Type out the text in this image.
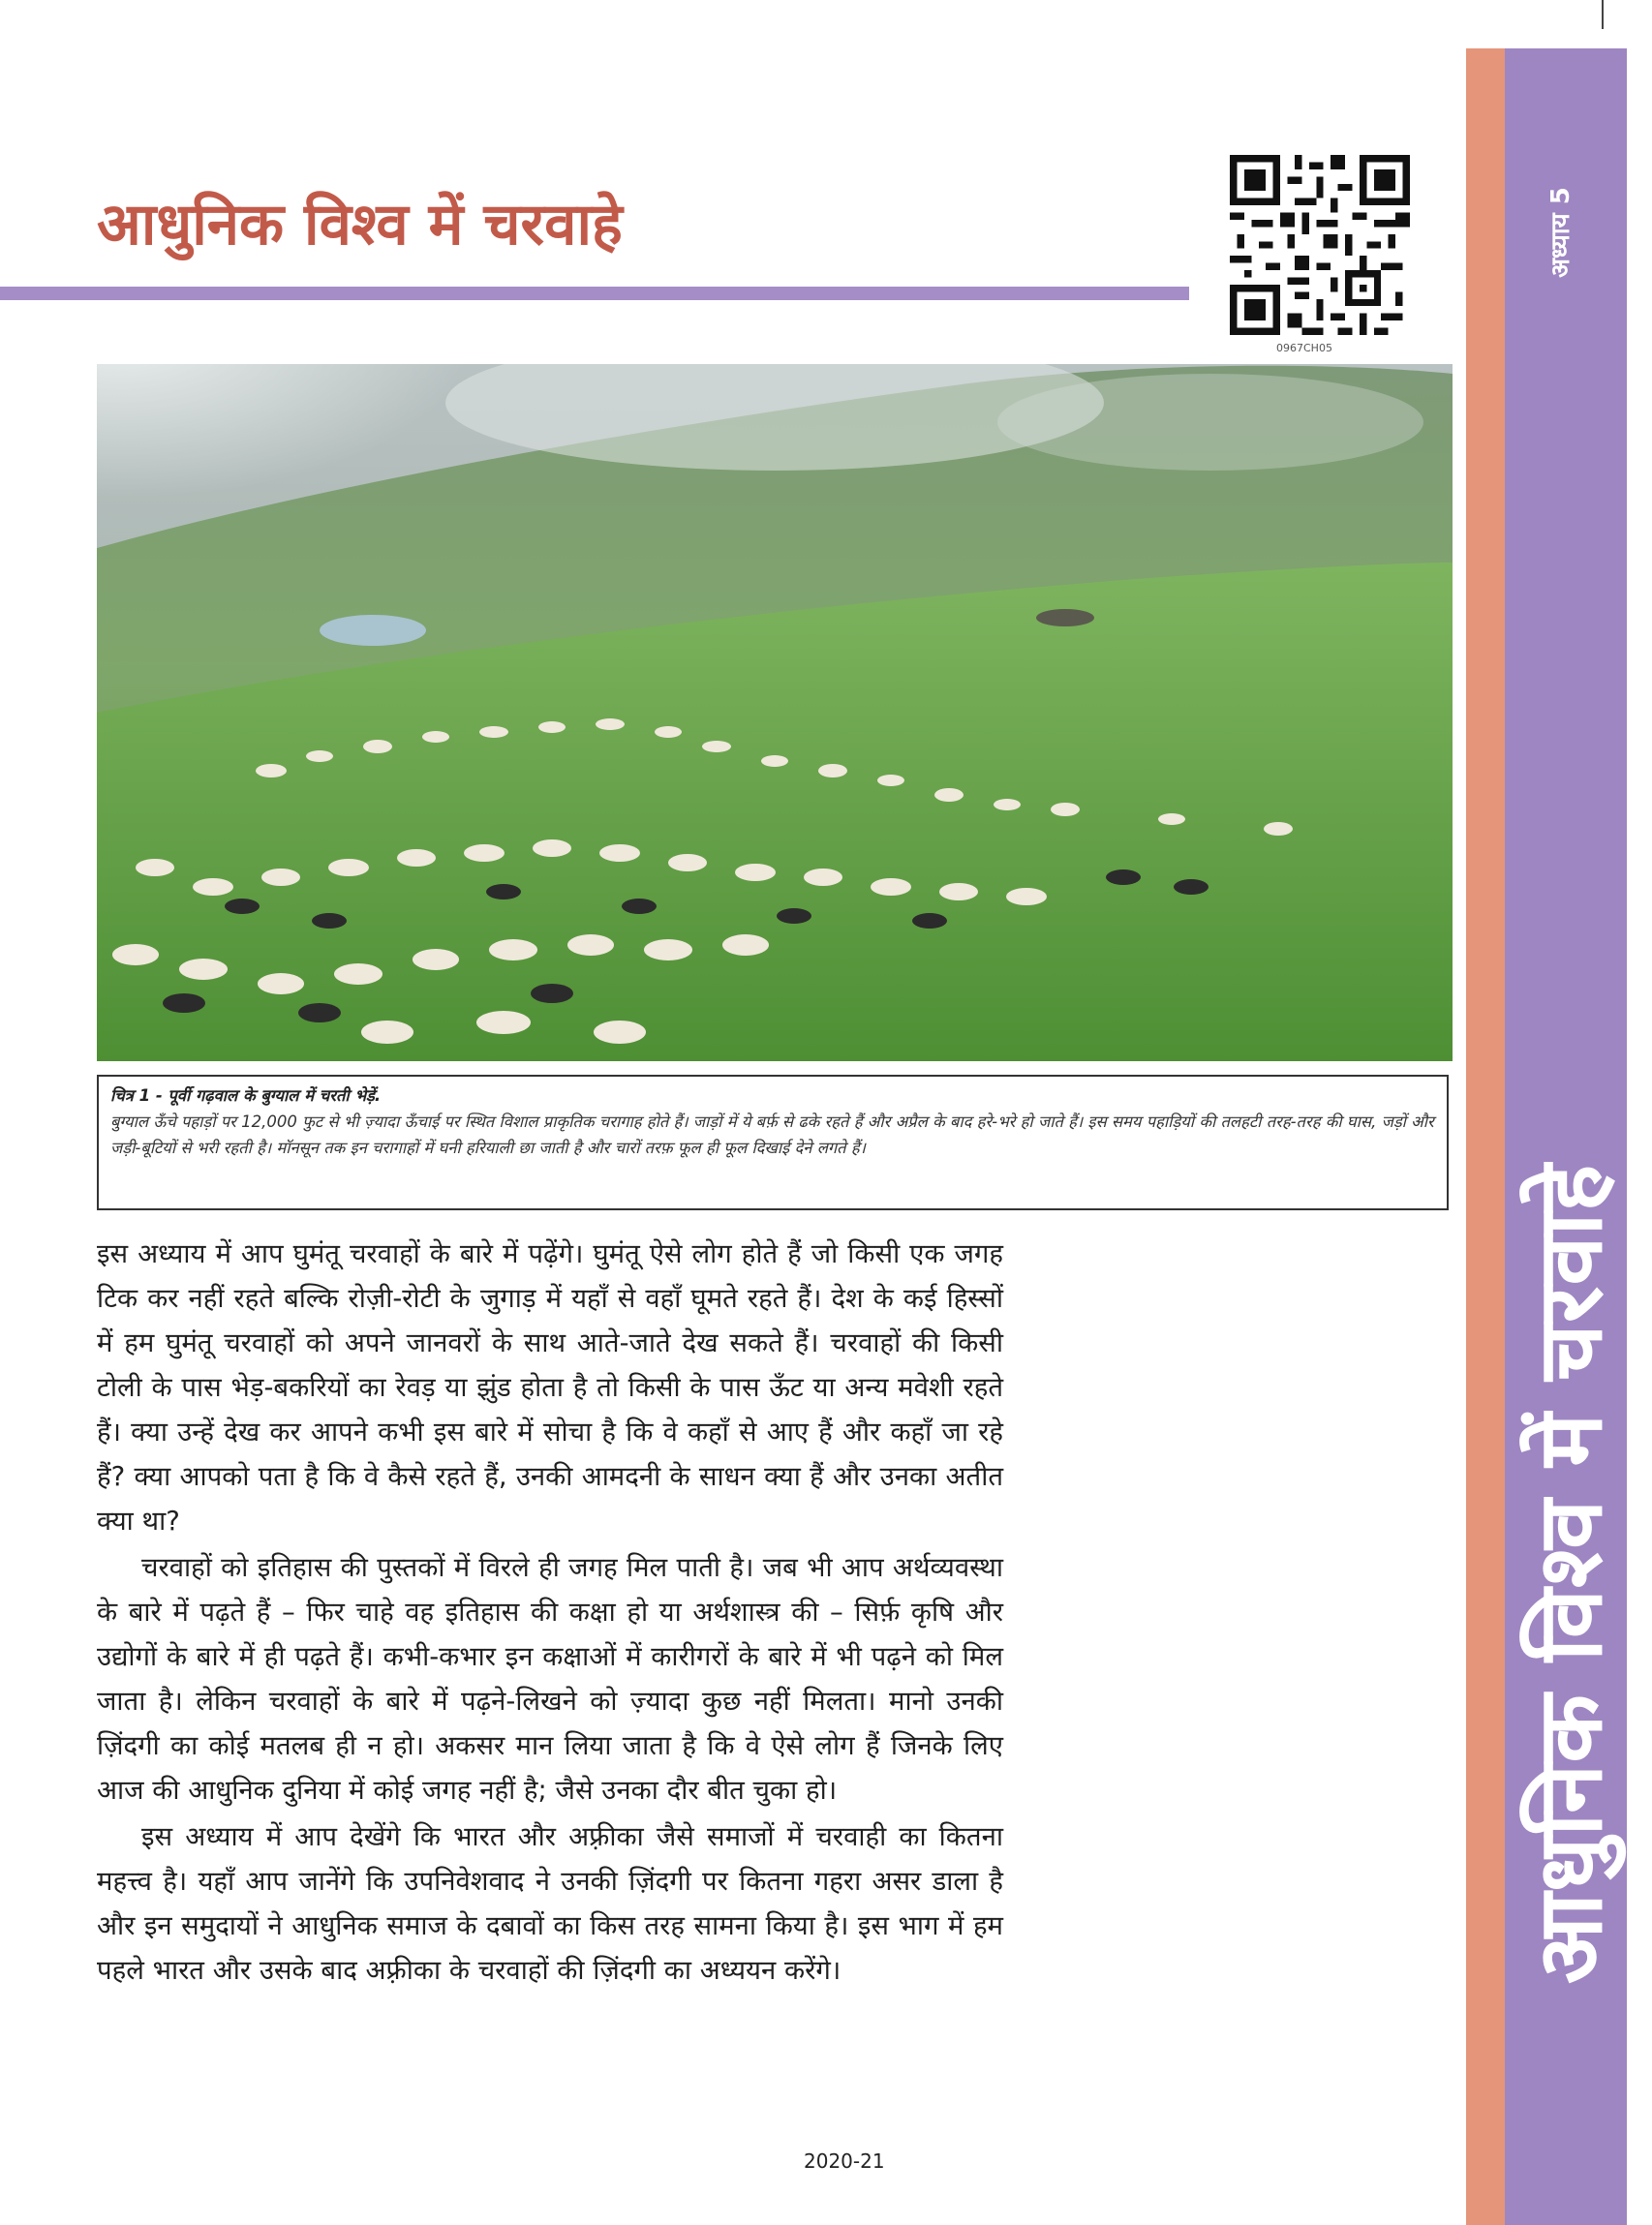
अध्याय 5
आधुनिक विश्व में चरवाहे
आधुनिक विश्व में चरवाहे
0967CH05
चित्र 1 - पूर्वी गढ़वाल के बुग्याल में चरती भेड़ें.
बुग्याल ऊँचे पहाड़ों पर 12,000 फुट से भी ज़्यादा ऊँचाई पर स्थित विशाल प्राकृतिक चरागाह होते हैं। जाड़ों में ये बर्फ़ से ढके रहते हैं और अप्रैल के बाद हरे-भरे हो जाते हैं। इस समय पहाड़ियों की तलहटी तरह-तरह की घास, जड़ों और जड़ी-बूटियों से भरी रहती है। मॉनसून तक इन चरागाहों में घनी हरियाली छा जाती है और चारों तरफ़ फूल ही फूल दिखाई देने लगते हैं।

इस अध्याय में आप घुमंतू चरवाहों के बारे में पढ़ेंगे। घुमंतू ऐसे लोग होते हैं जो किसी एक जगह टिक कर नहीं रहते बल्कि रोज़ी-रोटी के जुगाड़ में यहाँ से वहाँ घूमते रहते हैं। देश के कई हिस्सों में हम घुमंतू चरवाहों को अपने जानवरों के साथ आते-जाते देख सकते हैं। चरवाहों की किसी टोली के पास भेड़-बकरियों का रेवड़ या झुंड होता है तो किसी के पास ऊँट या अन्य मवेशी रहते हैं। क्या उन्हें देख कर आपने कभी इस बारे में सोचा है कि वे कहाँ से आए हैं और कहाँ जा रहे हैं? क्या आपको पता है कि वे कैसे रहते हैं, उनकी आमदनी के साधन क्या हैं और उनका अतीत क्या था?

चरवाहों को इतिहास की पुस्तकों में विरले ही जगह मिल पाती है। जब भी आप अर्थव्यवस्था के बारे में पढ़ते हैं – फिर चाहे वह इतिहास की कक्षा हो या अर्थशास्त्र की – सिर्फ़ कृषि और उद्योगों के बारे में ही पढ़ते हैं। कभी-कभार इन कक्षाओं में कारीगरों के बारे में भी पढ़ने को मिल जाता है। लेकिन चरवाहों के बारे में पढ़ने-लिखने को ज़्यादा कुछ नहीं मिलता। मानो उनकी ज़िंदगी का कोई मतलब ही न हो। अकसर मान लिया जाता है कि वे ऐसे लोग हैं जिनके लिए आज की आधुनिक दुनिया में कोई जगह नहीं है; जैसे उनका दौर बीत चुका हो।

इस अध्याय में आप देखेंगे कि भारत और अफ़्रीका जैसे समाजों में चरवाही का कितना महत्त्व है। यहाँ आप जानेंगे कि उपनिवेशवाद ने उनकी ज़िंदगी पर कितना गहरा असर डाला है और इन समुदायों ने आधुनिक समाज के दबावों का किस तरह सामना किया है। इस भाग में हम पहले भारत और उसके बाद अफ़्रीका के चरवाहों की ज़िंदगी का अध्ययन करेंगे।

2020-21
